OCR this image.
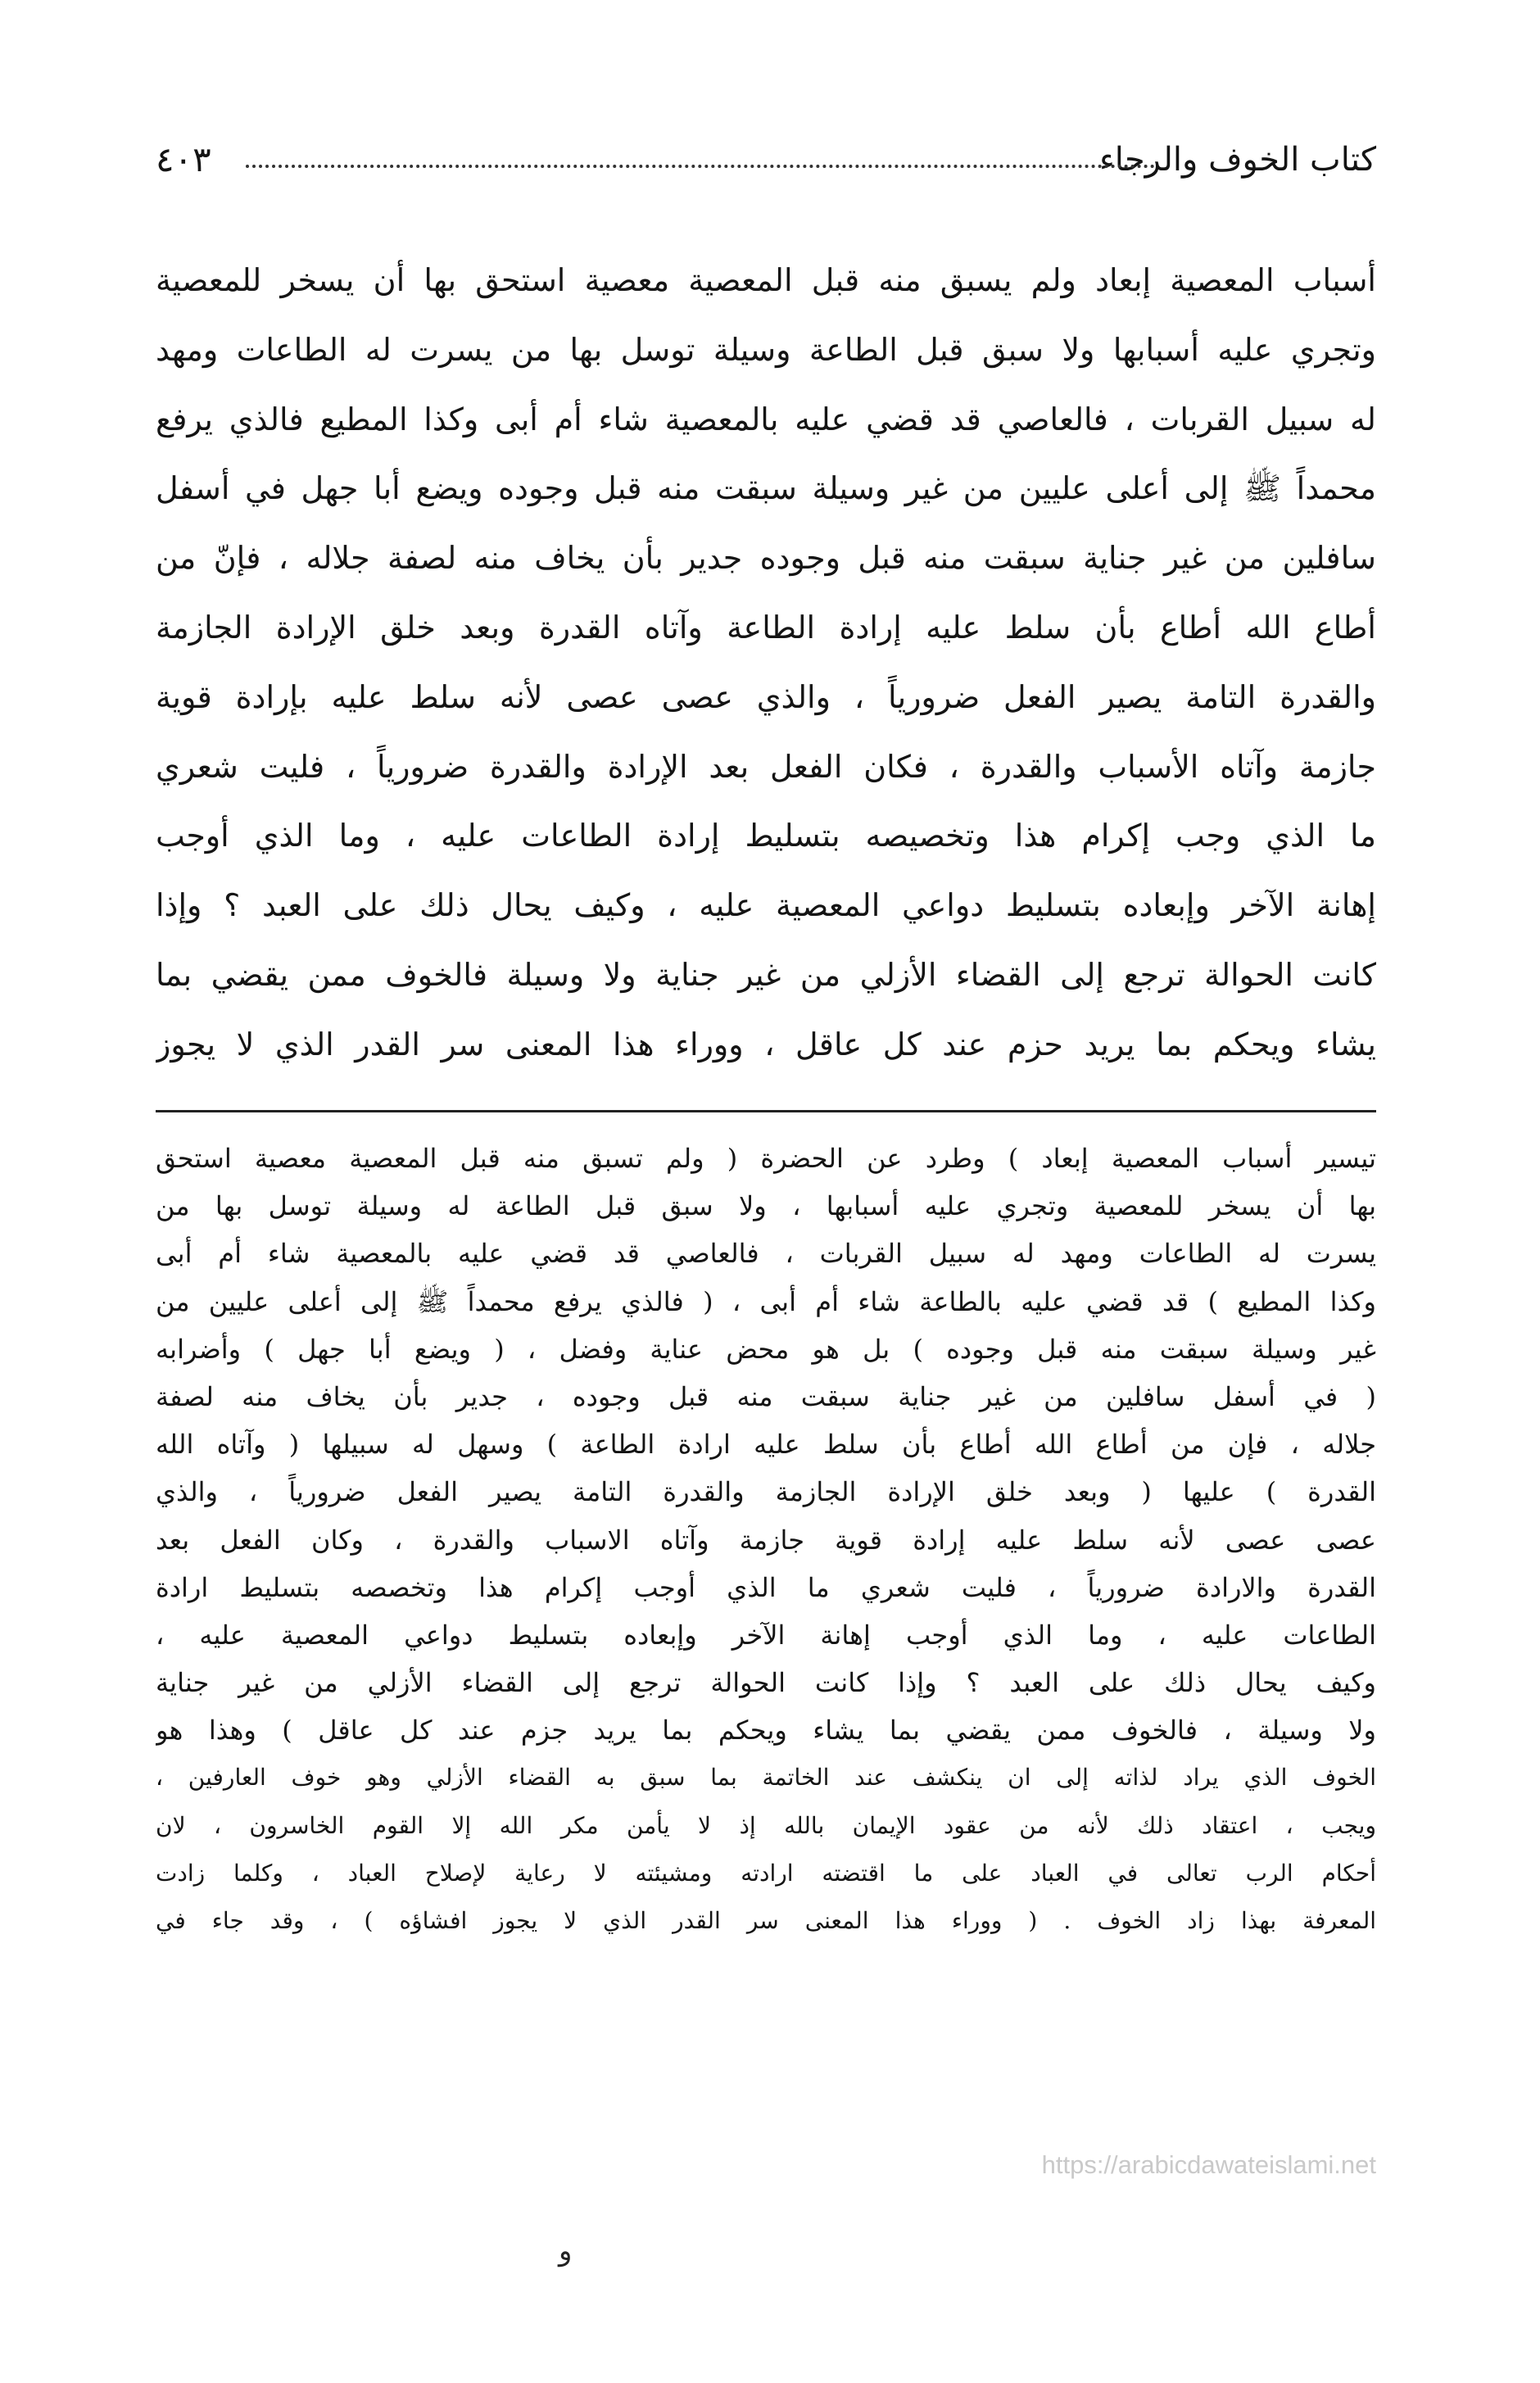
كتاب الخوف والرجاء
٤٠٣
أسباب المعصية إبعاد ولم يسبق منه قبل المعصية معصية استحق بها أن يسخر للمعصية
وتجري عليه أسبابها ولا سبق قبل الطاعة وسيلة توسل بها من يسرت له الطاعات ومهد
له سبيل القربات ، فالعاصي قد قضي عليه بالمعصية شاء أم أبى وكذا المطيع فالذي يرفع
محمداً ﷺ إلى أعلى عليين من غير وسيلة سبقت منه قبل وجوده ويضع أبا جهل في أسفل
سافلين من غير جناية سبقت منه قبل وجوده جدير بأن يخاف منه لصفة جلاله ، فإنّ من
أطاع الله أطاع بأن سلط عليه إرادة الطاعة وآتاه القدرة وبعد خلق الإرادة الجازمة
والقدرة التامة يصير الفعل ضرورياً ، والذي عصى عصى لأنه سلط عليه بإرادة قوية
جازمة وآتاه الأسباب والقدرة ، فكان الفعل بعد الإرادة والقدرة ضرورياً ، فليت شعري
ما الذي وجب إكرام هذا وتخصيصه بتسليط إرادة الطاعات عليه ، وما الذي أوجب
إهانة الآخر وإبعاده بتسليط دواعي المعصية عليه ، وكيف يحال ذلك على العبد ؟ وإذا
كانت الحوالة ترجع إلى القضاء الأزلي من غير جناية ولا وسيلة فالخوف ممن يقضي بما
يشاء ويحكم بما يريد حزم عند كل عاقل ، ووراء هذا المعنى سر القدر الذي لا يجوز
تيسير أسباب المعصية إبعاد ) وطرد عن الحضرة ( ولم تسبق منه قبل المعصية معصية استحق
بها أن يسخر للمعصية وتجري عليه أسبابها ، ولا سبق قبل الطاعة له وسيلة توسل بها من
يسرت له الطاعات ومهد له سبيل القربات ، فالعاصي قد قضي عليه بالمعصية شاء أم أبى
وكذا المطيع ) قد قضي عليه بالطاعة شاء أم أبى ، ( فالذي يرفع محمداً ﷺ إلى أعلى عليين من
غير وسيلة سبقت منه قبل وجوده ) بل هو محض عناية وفضل ، ( ويضع أبا جهل ) وأضرابه
( في أسفل سافلين من غير جناية سبقت منه قبل وجوده ، جدير بأن يخاف منه لصفة
جلاله ، فإن من أطاع الله أطاع بأن سلط عليه ارادة الطاعة ) وسهل له سبيلها ( وآتاه الله
القدرة ) عليها ( وبعد خلق الإرادة الجازمة والقدرة التامة يصير الفعل ضرورياً ، والذي
عصى عصى لأنه سلط عليه إرادة قوية جازمة وآتاه الاسباب والقدرة ، وكان الفعل بعد
القدرة والارادة ضرورياً ، فليت شعري ما الذي أوجب إكرام هذا وتخصصه بتسليط ارادة
الطاعات عليه ، وما الذي أوجب إهانة الآخر وإبعاده بتسليط دواعي المعصية عليه ،
وكيف يحال ذلك على العبد ؟ وإذا كانت الحوالة ترجع إلى القضاء الأزلي من غير جناية
ولا وسيلة ، فالخوف ممن يقضي بما يشاء ويحكم بما يريد جزم عند كل عاقل ) وهذا هو
الخوف الذي يراد لذاته إلى ان ينكشف عند الخاتمة بما سبق به القضاء الأزلي وهو خوف العارفين ،
ويجب ، اعتقاد ذلك لأنه من عقود الإيمان بالله إذ لا يأمن مكر الله إلا القوم الخاسرون ، لان
أحكام الرب تعالى في العباد على ما اقتضته ارادته ومشيئته لا رعاية لإصلاح العباد ، وكلما زادت
المعرفة بهذا زاد الخوف . ( ووراء هذا المعنى سر القدر الذي لا يجوز افشاؤه ) ، وقد جاء في
https://arabicdawateislami.net
و
